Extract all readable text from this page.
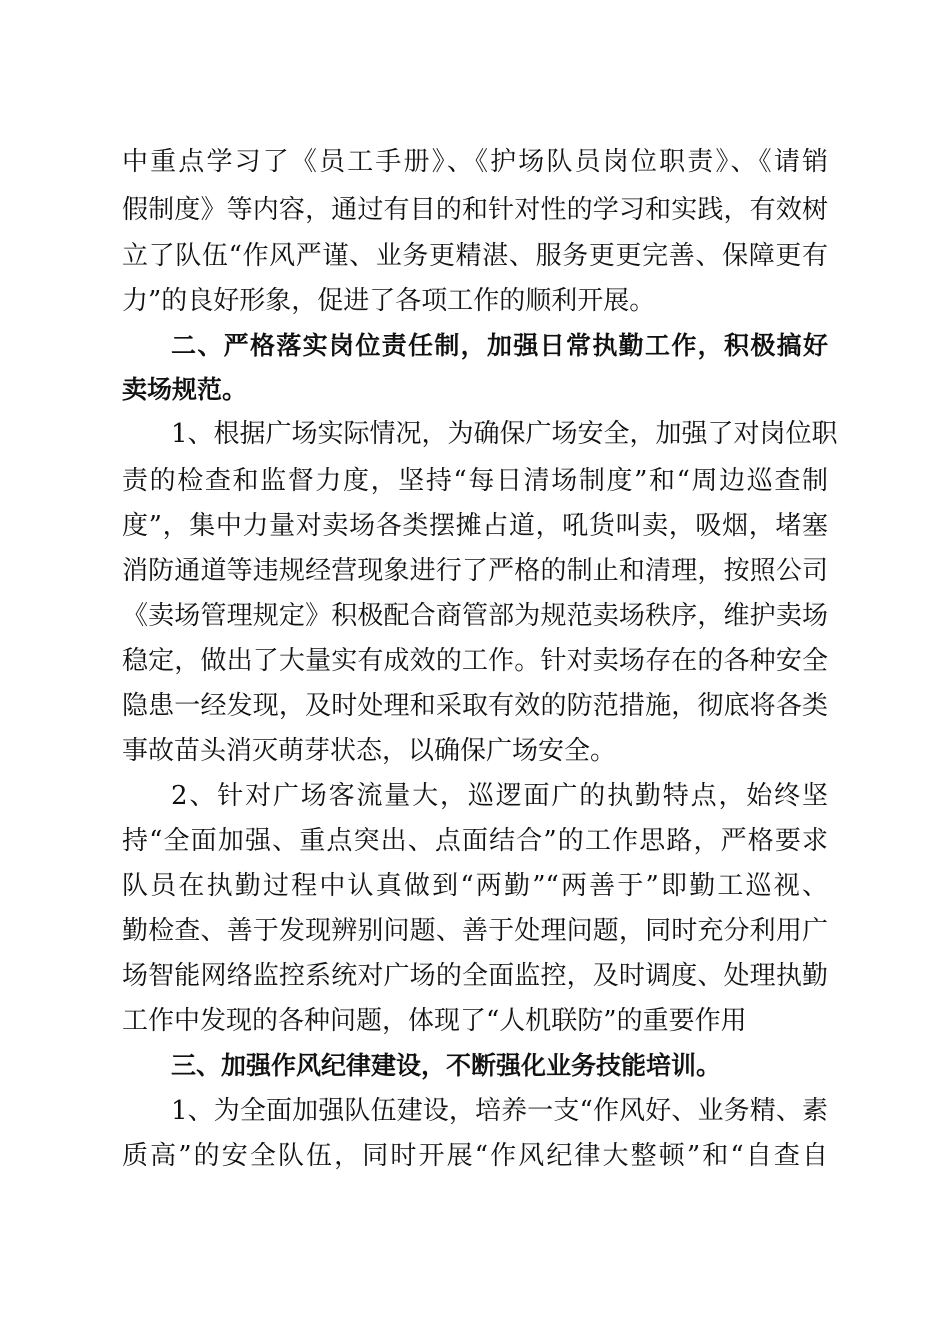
中重点学习了《员工手册》、《护场队员岗位职责》、《请销
假制度》等内容，通过有目的和针对性的学习和实践，有效树
立了队伍“作风严谨、业务更精湛、服务更更完善、保障更有
力”的良好形象，促进了各项工作的顺利开展。
二、严格落实岗位责任制，加强日常执勤工作，积极搞好
卖场规范。
1、根据广场实际情况，为确保广场安全，加强了对岗位职
责的检查和监督力度，坚持“每日清场制度”和“周边巡查制
度”，集中力量对卖场各类摆摊占道，吼货叫卖，吸烟，堵塞
消防通道等违规经营现象进行了严格的制止和清理，按照公司
《卖场管理规定》积极配合商管部为规范卖场秩序，维护卖场
稳定，做出了大量实有成效的工作。针对卖场存在的各种安全
隐患一经发现，及时处理和采取有效的防范措施，彻底将各类
事故苗头消灭萌芽状态，以确保广场安全。
2、针对广场客流量大，巡逻面广的执勤特点，始终坚
持“全面加强、重点突出、点面结合”的工作思路，严格要求
队员在执勤过程中认真做到“两勤”“两善于”即勤工巡视、
勤检查、善于发现辨别问题、善于处理问题，同时充分利用广
场智能网络监控系统对广场的全面监控，及时调度、处理执勤
工作中发现的各种问题，体现了“人机联防”的重要作用
三、加强作风纪律建设，不断强化业务技能培训。
1、为全面加强队伍建设，培养一支“作风好、业务精、素
质高”的安全队伍，同时开展“作风纪律大整顿”和“自查自
